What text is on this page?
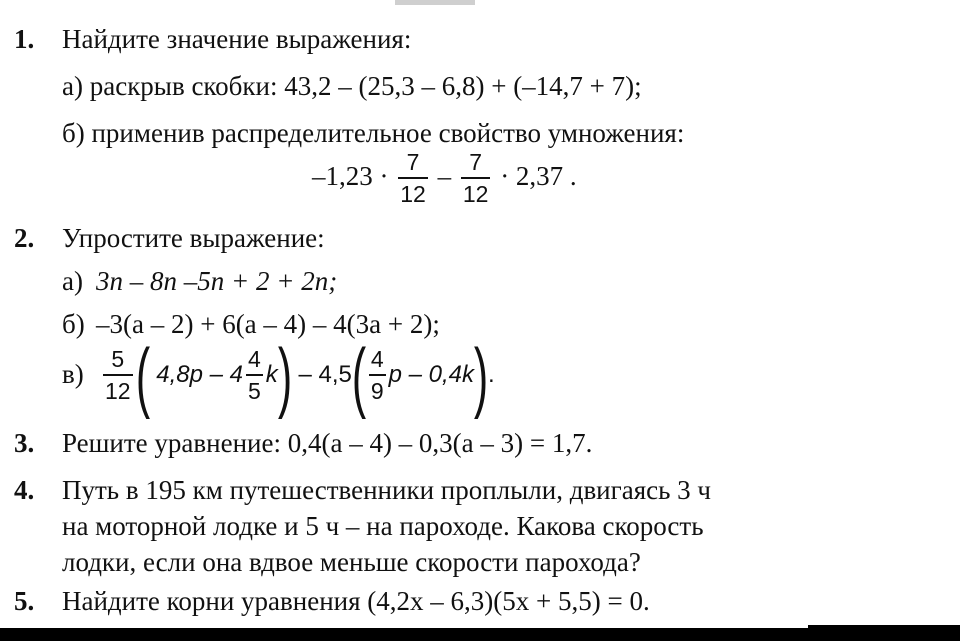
1. Найдите значение выражения:
а) раскрыв скобки: 43,2 – (25,3 – 6,8) + (–14,7 + 7);
б) применив распределительное свойство умножения:
$-1,23 \cdot \frac{7}{12} - \frac{7}{12} \cdot 2,37$ .
2. Упростите выражение:
а) 3n – 8n –5n + 2 + 2n;
б) –3(a – 2) + 6(a – 4) – 4(3a + 2);
$в) \frac{5}{12}$ ( $4,8p - 4 \frac{4}{5} k) - 4,5( \frac{4}{9}$ p – 0,4k).
3. Решите уравнение: 0,4(a – 4) – 0,3(a – 3) = 1,7.
4. Путь в 195 км путешественники проплыли, двигаясь 3 ч
на моторной лодке и 5 ч – на пароходе. Какова скорость
лодки, если она вдвое меньше скорости парохода?
5. Найдите корни уравнения (4,2x – 6,3)(5x + 5,5) = 0.
